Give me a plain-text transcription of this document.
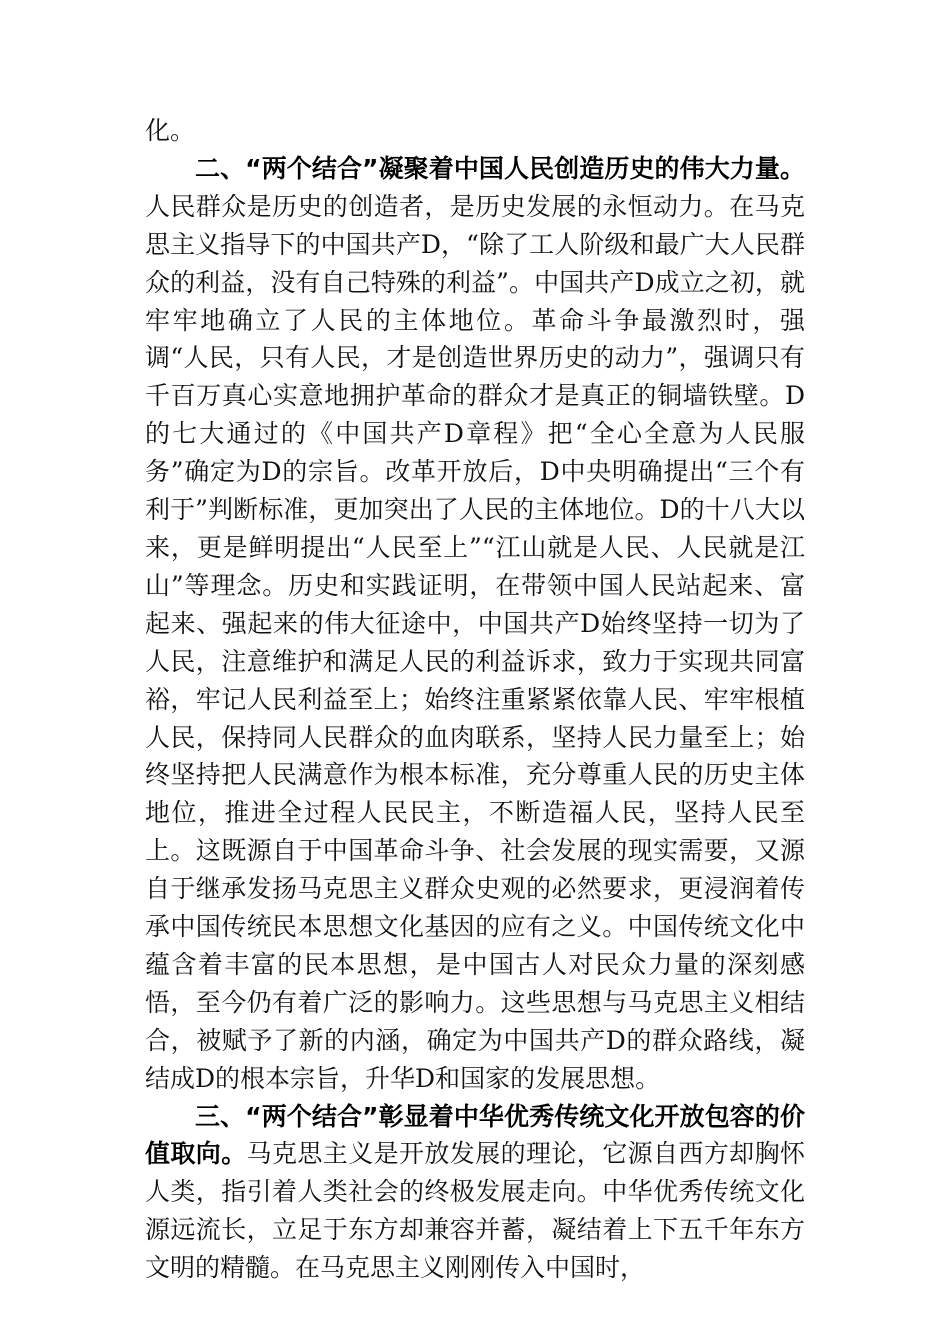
化。

二、“两个结合”凝聚着中国人民创造历史的伟大力量。人民群众是历史的创造者，是历史发展的永恒动力。在马克思主义指导下的中国共产D，“除了工人阶级和最广大人民群众的利益，没有自己特殊的利益”。中国共产D成立之初，就牢牢地确立了人民的主体地位。革命斗争最激烈时，强调“人民，只有人民，才是创造世界历史的动力”，强调只有千百万真心实意地拥护革命的群众才是真正的铜墙铁壁。D的七大通过的《中国共产D章程》把“全心全意为人民服务”确定为D的宗旨。改革开放后，D中央明确提出“三个有利于”判断标准，更加突出了人民的主体地位。D的十八大以来，更是鲜明提出“人民至上”“江山就是人民、人民就是江山”等理念。历史和实践证明，在带领中国人民站起来、富起来、强起来的伟大征途中，中国共产D始终坚持一切为了人民，注意维护和满足人民的利益诉求，致力于实现共同富裕，牢记人民利益至上；始终注重紧紧依靠人民、牢牢根植人民，保持同人民群众的血肉联系，坚持人民力量至上；始终坚持把人民满意作为根本标准，充分尊重人民的历史主体地位，推进全过程人民民主，不断造福人民，坚持人民至上。这既源自于中国革命斗争、社会发展的现实需要，又源自于继承发扬马克思主义群众史观的必然要求，更浸润着传承中国传统民本思想文化基因的应有之义。中国传统文化中蕴含着丰富的民本思想，是中国古人对民众力量的深刻感悟，至今仍有着广泛的影响力。这些思想与马克思主义相结合，被赋予了新的内涵，确定为中国共产D的群众路线，凝结成D的根本宗旨，升华D和国家的发展思想。

三、“两个结合”彰显着中华优秀传统文化开放包容的价值取向。马克思主义是开放发展的理论，它源自西方却胸怀人类，指引着人类社会的终极发展走向。中华优秀传统文化源远流长，立足于东方却兼容并蓄，凝结着上下五千年东方文明的精髓。在马克思主义刚刚传入中国时，
